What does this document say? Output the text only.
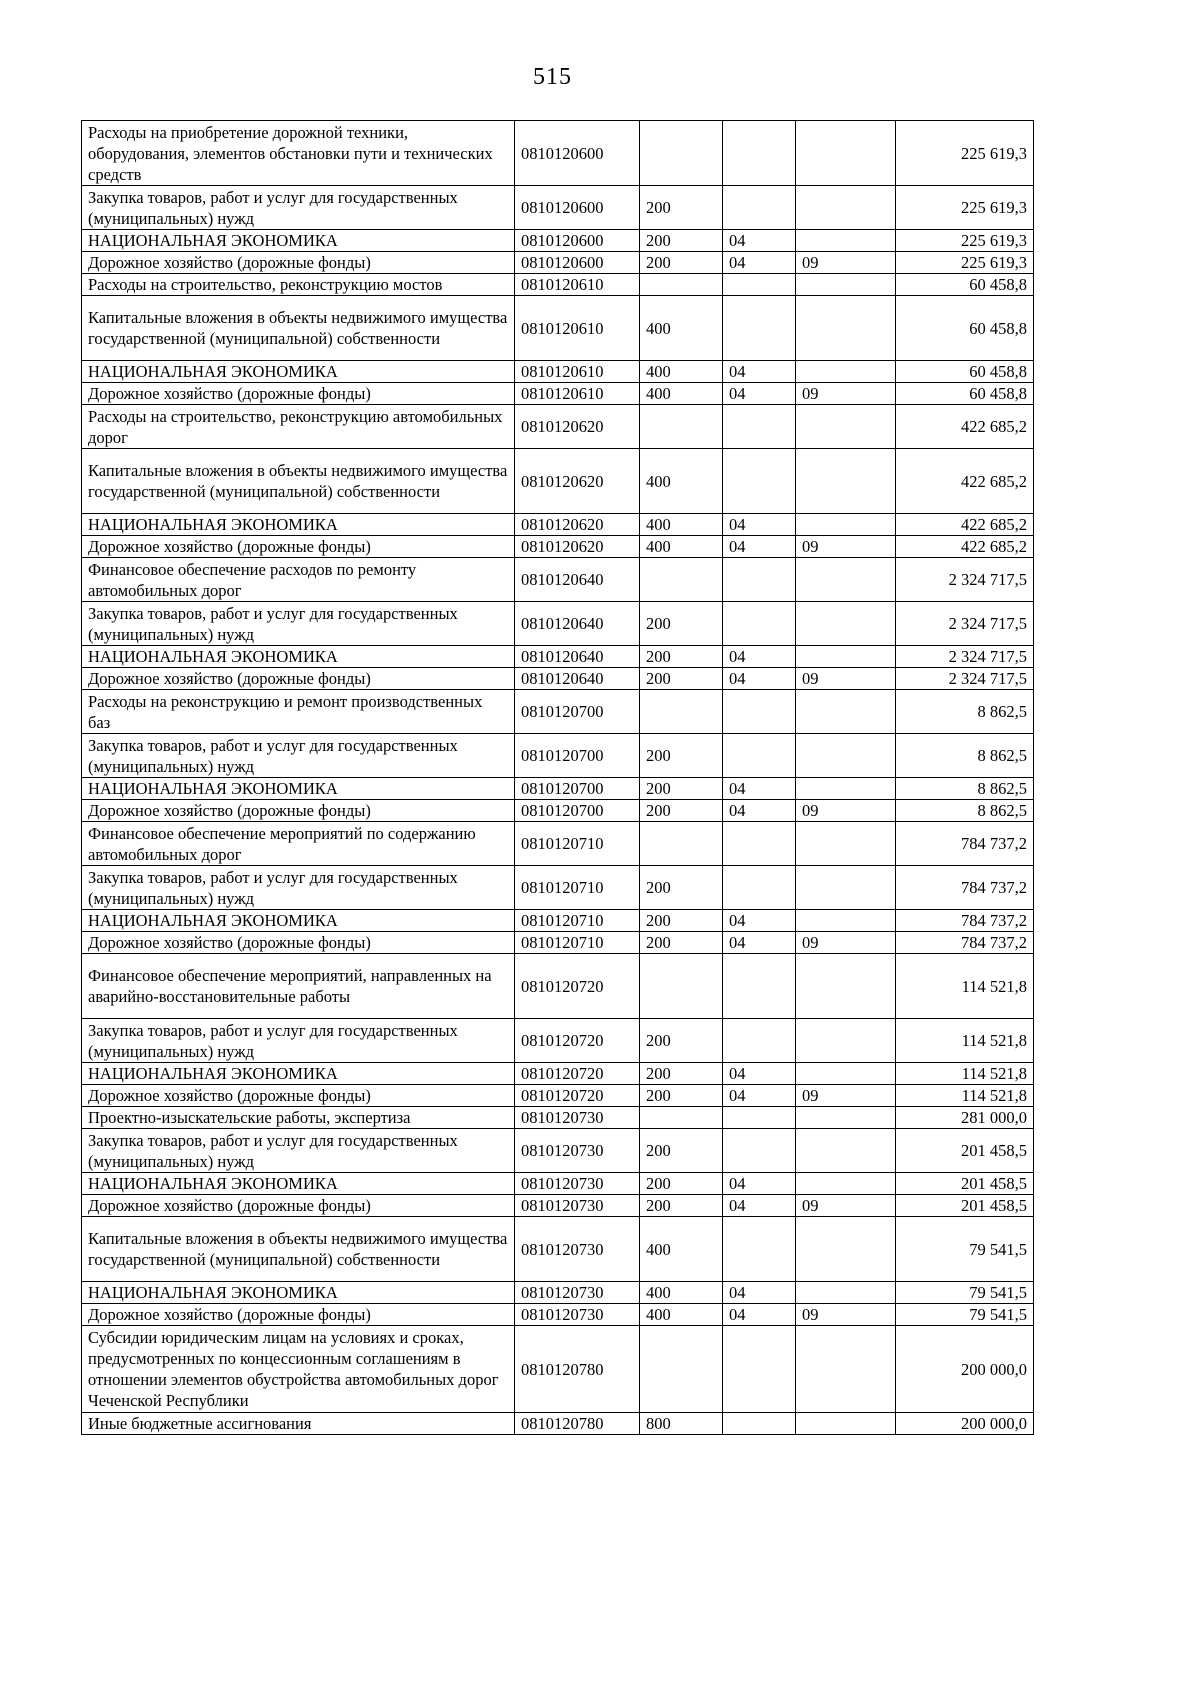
515
Расходы на приобретение дорожной техники, оборудования, элементов обстановки пути и технических средств	0810120600				225 619,3
Закупка товаров, работ и услуг для государственных (муниципальных) нужд	0810120600	200			225 619,3
НАЦИОНАЛЬНАЯ ЭКОНОМИКА	0810120600	200	04		225 619,3
Дорожное хозяйство (дорожные фонды)	0810120600	200	04	09	225 619,3
Расходы на строительство, реконструкцию мостов	0810120610				60 458,8
Капитальные вложения в объекты недвижимого имущества государственной (муниципальной) собственности	0810120610	400			60 458,8
НАЦИОНАЛЬНАЯ ЭКОНОМИКА	0810120610	400	04		60 458,8
Дорожное хозяйство (дорожные фонды)	0810120610	400	04	09	60 458,8
Расходы на строительство, реконструкцию автомобильных дорог	0810120620				422 685,2
Капитальные вложения в объекты недвижимого имущества государственной (муниципальной) собственности	0810120620	400			422 685,2
НАЦИОНАЛЬНАЯ ЭКОНОМИКА	0810120620	400	04		422 685,2
Дорожное хозяйство (дорожные фонды)	0810120620	400	04	09	422 685,2
Финансовое обеспечение расходов по ремонту автомобильных дорог	0810120640				2 324 717,5
Закупка товаров, работ и услуг для государственных (муниципальных) нужд	0810120640	200			2 324 717,5
НАЦИОНАЛЬНАЯ ЭКОНОМИКА	0810120640	200	04		2 324 717,5
Дорожное хозяйство (дорожные фонды)	0810120640	200	04	09	2 324 717,5
Расходы на реконструкцию и ремонт производственных баз	0810120700				8 862,5
Закупка товаров, работ и услуг для государственных (муниципальных) нужд	0810120700	200			8 862,5
НАЦИОНАЛЬНАЯ ЭКОНОМИКА	0810120700	200	04		8 862,5
Дорожное хозяйство (дорожные фонды)	0810120700	200	04	09	8 862,5
Финансовое обеспечение мероприятий по содержанию автомобильных дорог	0810120710				784 737,2
Закупка товаров, работ и услуг для государственных (муниципальных) нужд	0810120710	200			784 737,2
НАЦИОНАЛЬНАЯ ЭКОНОМИКА	0810120710	200	04		784 737,2
Дорожное хозяйство (дорожные фонды)	0810120710	200	04	09	784 737,2
Финансовое обеспечение мероприятий, направленных на аварийно-восстановительные работы	0810120720				114 521,8
Закупка товаров, работ и услуг для государственных (муниципальных) нужд	0810120720	200			114 521,8
НАЦИОНАЛЬНАЯ ЭКОНОМИКА	0810120720	200	04		114 521,8
Дорожное хозяйство (дорожные фонды)	0810120720	200	04	09	114 521,8
Проектно-изыскательские работы, экспертиза	0810120730				281 000,0
Закупка товаров, работ и услуг для государственных (муниципальных) нужд	0810120730	200			201 458,5
НАЦИОНАЛЬНАЯ ЭКОНОМИКА	0810120730	200	04		201 458,5
Дорожное хозяйство (дорожные фонды)	0810120730	200	04	09	201 458,5
Капитальные вложения в объекты недвижимого имущества государственной (муниципальной) собственности	0810120730	400			79 541,5
НАЦИОНАЛЬНАЯ ЭКОНОМИКА	0810120730	400	04		79 541,5
Дорожное хозяйство (дорожные фонды)	0810120730	400	04	09	79 541,5
Субсидии юридическим лицам на условиях и сроках, предусмотренных по концессионным соглашениям в отношении элементов обустройства автомобильных дорог Чеченской Республики	0810120780				200 000,0
Иные бюджетные ассигнования	0810120780	800			200 000,0
